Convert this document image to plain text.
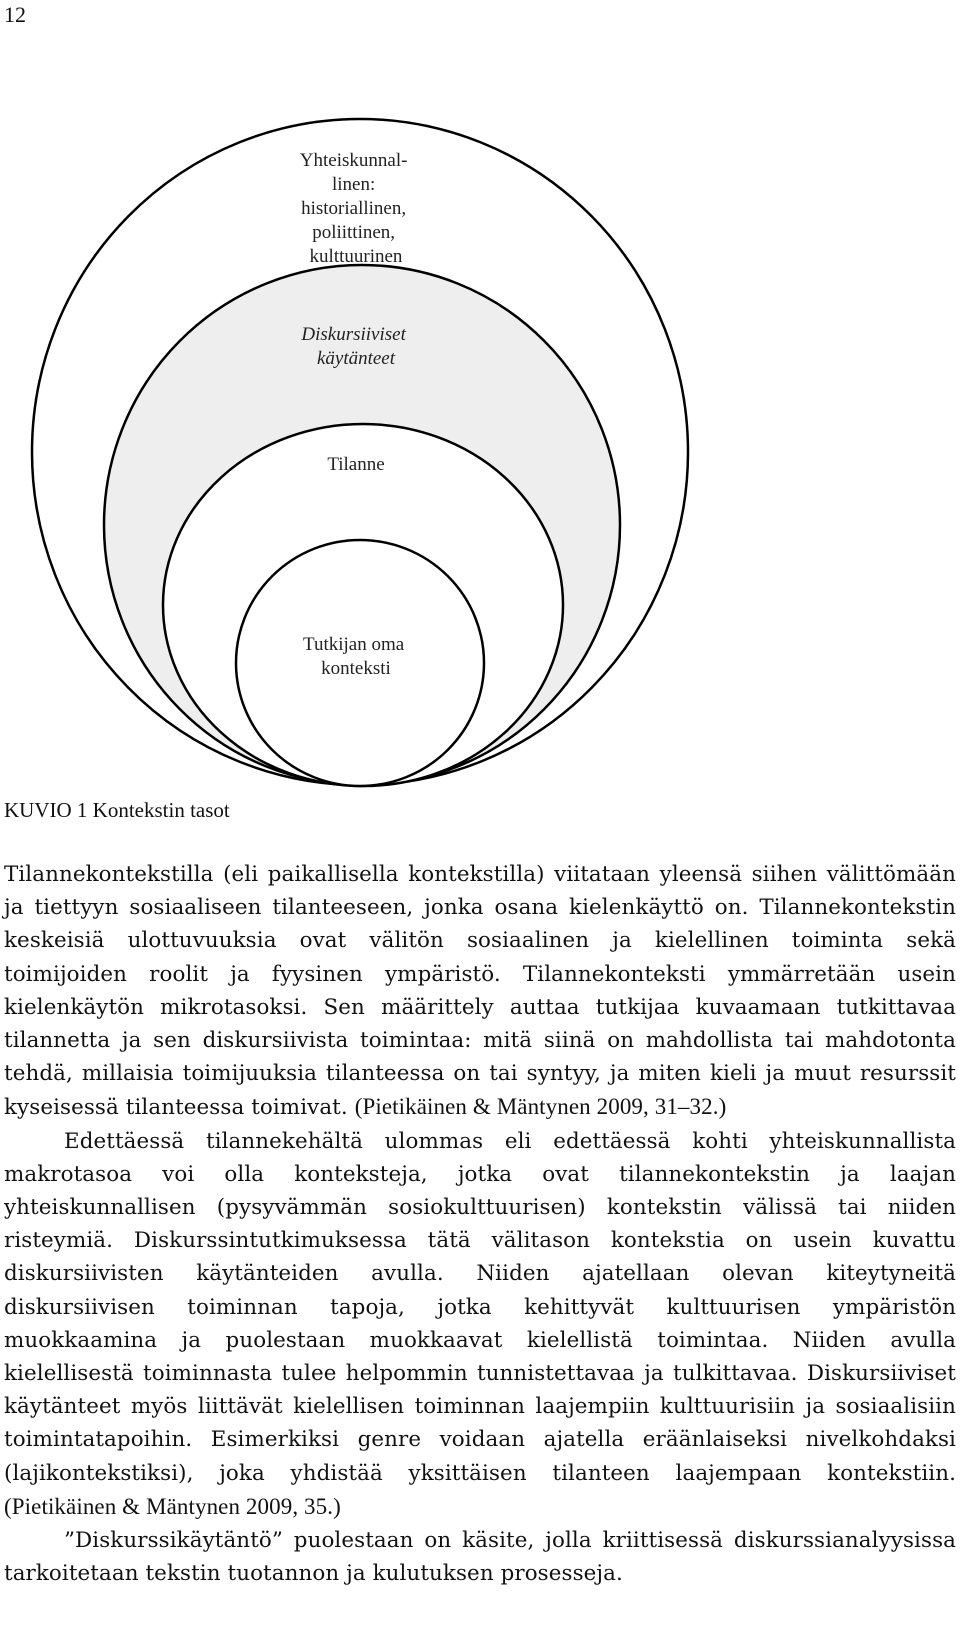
12
Yhteiskunnal- linen: historiallinen, poliittinen, kulttuurinen
Diskursiiviset käytänteet
Tilanne
Tutkijan oma konteksti
KUVIO 1 Kontekstin tasot

Tilannekontekstilla (eli paikallisella kontekstilla) viitataan yleensä siihen välittömään ja tiettyyn sosiaaliseen tilanteeseen, jonka osana kielenkäyttö on. Tilannekontekstin keskeisiä ulottuvuuksia ovat välitön sosiaalinen ja kielellinen toiminta sekä toimijoiden roolit ja fyysinen ympäristö. Tilannekonteksti ymmärretään usein kielenkäytön mikrotasoksi. Sen määrittely auttaa tutkijaa kuvaamaan tutkittavaa tilannetta ja sen diskursiivista toimintaa: mitä siinä on mahdollista tai mahdotonta tehdä, millaisia toimijuuksia tilanteessa on tai syntyy, ja miten kieli ja muut resurssit kyseisessä tilanteessa toimivat. (Pietikäinen & Mäntynen 2009, 31–32.)

Edettäessä tilannekehältä ulommas eli edettäessä kohti yhteiskunnallista makrotasoa voi olla konteksteja, jotka ovat tilannekontekstin ja laajan yhteiskunnallisen (pysyvämmän sosiokulttuurisen) kontekstin välissä tai niiden risteymiä. Diskurssintutkimuksessa tätä välitason kontekstia on usein kuvattu diskursiivisten käytänteiden avulla. Niiden ajatellaan olevan kiteytyneitä diskursiivisen toiminnan tapoja, jotka kehittyvät kulttuurisen ympäristön muokkaamina ja puolestaan muokkaavat kielellistä toimintaa. Niiden avulla kielellisestä toiminnasta tulee helpommin tunnistettavaa ja tulkittavaa. Diskursiiviset käytänteet myös liittävät kielellisen toiminnan laajempiin kulttuurisiin ja sosiaalisiin toimintatapoihin. Esimerkiksi genre voidaan ajatella eräänlaiseksi nivelkohdaksi (lajikontekstiksi), joka yhdistää yksittäisen tilanteen laajempaan kontekstiin. (Pietikäinen & Mäntynen 2009, 35.)

”Diskurssikäytäntö” puolestaan on käsite, jolla kriittisessä diskurssianalyysissa tarkoitetaan tekstin tuotannon ja kulutuksen prosesseja.
